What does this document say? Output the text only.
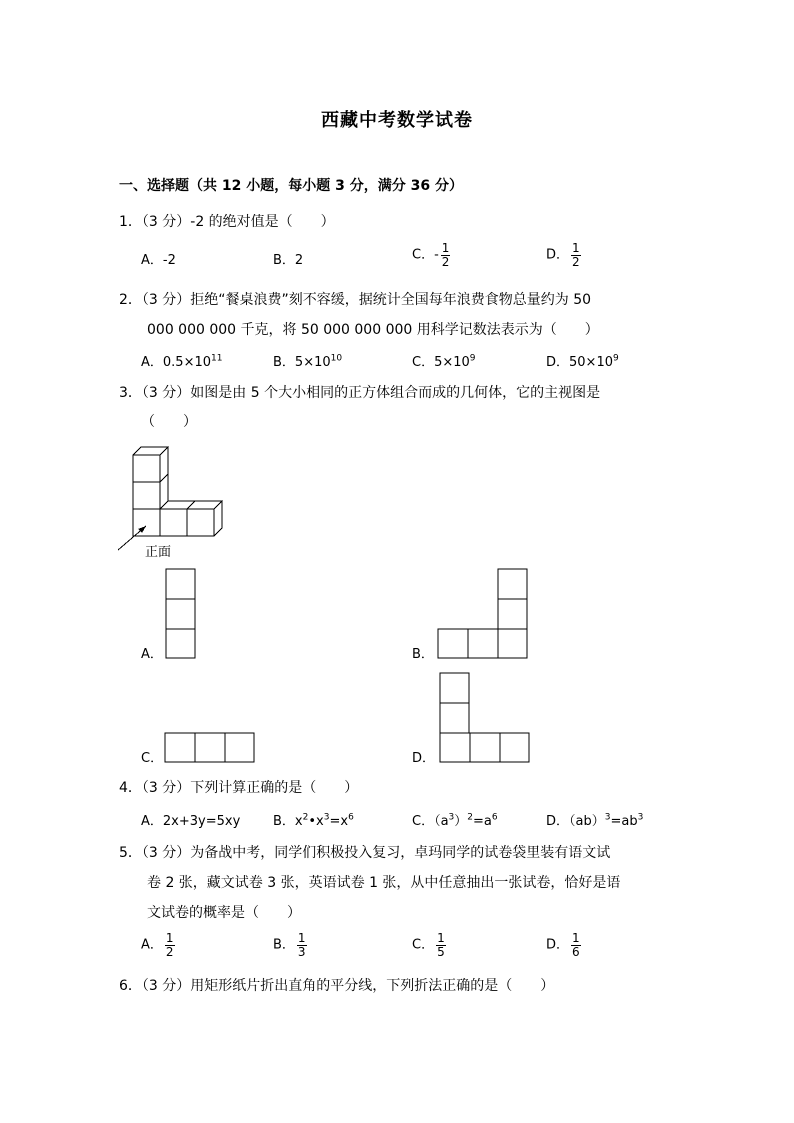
西藏中考数学试卷
一、选择题（共 12 小题，每小题 3 分，满分 36 分）
1．（3 分）-2 的绝对值是（　　）
A．-2	B．2	C．- $\frac{1}{2}$	D． $\frac{1}{2}$
2．（3 分）拒绝“餐桌浪费”刻不容缓，据统计全国每年浪费食物总量约为 50
000 000 000 千克，将 50 000 000 000 用科学记数法表示为（　　）
A．$0.5\times 10^{11}$	B．$5\times 10^{10}$	C．$5\times 10^9$	D．$50\times 10^9$
3．（3 分）如图是由 5 个大小相同的正方体组合而成的几何体，它的主视图是
（　　）
正面
A．	B．
C．	D．
4．（3 分）下列计算正确的是（　　）
A．2x+3y=5xy	B．$x^2•x^3=x^6$	C．$(a^3)^2=a^6$	D．$(ab)^3=ab^3$
5．（3 分）为备战中考，同学们积极投入复习，卓玛同学的试卷袋里装有语文试
卷 2 张，藏文试卷 3 张，英语试卷 1 张，从中任意抽出一张试卷，恰好是语
文试卷的概率是（　　）
A． $\frac{1}{2}$	B． $\frac{1}{3}$	C． $\frac{1}{5}$	D． $\frac{1}{6}$
6．（3 分）用矩形纸片折出直角的平分线，下列折法正确的是（　　）
